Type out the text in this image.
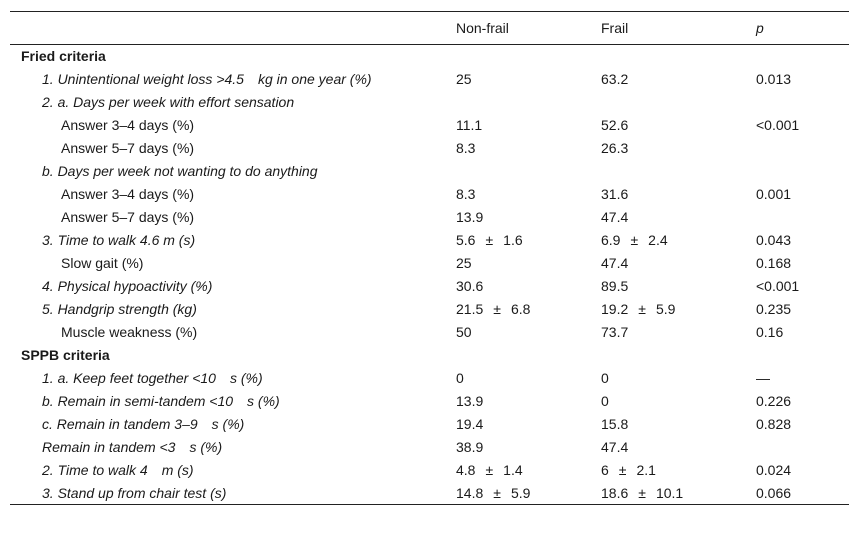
	Non-frail	Frail	p
Fried criteria			
1. Unintentional weight loss >4.5 kg in one year (%)	25	63.2	0.013
2. a. Days per week with effort sensation			
Answer 3–4 days (%)	11.1	52.6	<0.001
Answer 5–7 days (%)	8.3	26.3	
b. Days per week not wanting to do anything			
Answer 3–4 days (%)	8.3	31.6	0.001
Answer 5–7 days (%)	13.9	47.4	
3. Time to walk 4.6 m (s)	5.6 ± 1.6	6.9 ± 2.4	0.043
Slow gait (%)	25	47.4	0.168
4. Physical hypoactivity (%)	30.6	89.5	<0.001
5. Handgrip strength (kg)	21.5 ± 6.8	19.2 ± 5.9	0.235
Muscle weakness (%)	50	73.7	0.16
SPPB criteria			
1. a. Keep feet together <10 s (%)	0	0	—
b. Remain in semi-tandem <10 s (%)	13.9	0	0.226
c. Remain in tandem 3–9 s (%)	19.4	15.8	0.828
Remain in tandem <3 s (%)	38.9	47.4	
2. Time to walk 4 m (s)	4.8 ± 1.4	6 ± 2.1	0.024
3. Stand up from chair test (s)	14.8 ± 5.9	18.6 ± 10.1	0.066
